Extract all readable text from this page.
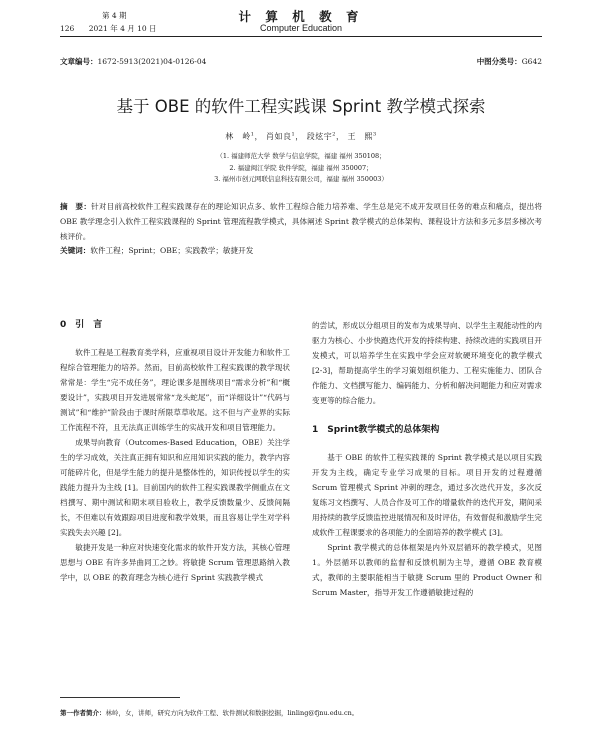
第 4 期
126 2021 年 4 月 10 日
计 算 机 教 育
Computer Education
文章编号：1672-5913(2021)04-0126-04	中图分类号：G642
基于 OBE 的软件工程实践课 Sprint 教学模式探索
林　岭$^1$， 肖如良$^1$， 段炫宇$^2$， 王　熙$^3$
（1. 福建师范大学 数学与信息学院，福建 福州 350108；
2. 福建闽江学院 软件学院，福建 福州 350007；
3. 福州市创元网联信息科技有限公司，福建 福州 350003）
摘　要：针对目前高校软件工程实践课存在的理论知识点多、软件工程综合能力培养难、学生总是完不成开发项目任务的难点和痛点，提出将 OBE 教学理念引入软件工程实践课程的 Sprint 管理流程教学模式，具体阐述 Sprint 教学模式的总体架构、课程设计方法和多元多层多梯次考核评价。
关键词：软件工程；Sprint；OBE；实践教学；敏捷开发

0　引　言

软件工程是工程教育类学科，应重视项目设计开发能力和软件工程综合管理能力的培养。然而，目前高校软件工程实践课的教学现状常常是：学生“完不成任务”，理论课多是围绕项目“需求分析”和“概要设计”，实践项目开发进展常常“龙头蛇尾”，而“详细设计”“代码与测试”和“维护”阶段由于课时所限草草收尾。这不但与产业界的实际工作流程不符，且无法真正训练学生的实战开发和项目管理能力。

成果导向教育（Outcomes-Based Education，OBE）关注学生的学习成效，关注真正拥有知识和应用知识实践的能力，教学内容可能碎片化，但是学生能力的提升是整体性的，知识传授以学生的实践能力提升为主线 [1]。目前国内的软件工程实践课教学侧重点在文档撰写、期中测试和期末项目验收上，教学反馈数量少、反馈间隔长，不但难以有效跟踪项目进度和教学效果，而且容易让学生对学科实践失去兴趣 [2]。

敏捷开发是一种应对快速变化需求的软件开发方法，其核心管理思想与 OBE 有许多异曲同工之妙。将敏捷 Scrum 管理思路纳入教学中，以 OBE 的教育理念为核心进行 Sprint 实践教学模式

的尝试，形成以分组项目的发布为成果导向、以学生主观能动性的内驱力为核心、小步快跑迭代开发的持续构建、持续改进的实践项目开发模式，可以培养学生在实践中学会应对软硬环境变化的教学模式 [2-3]，帮助提高学生的学习策划组织能力、工程实施能力、团队合作能力、文档撰写能力、编码能力、分析和解决问题能力和应对需求变更等的综合能力。

1　Sprint教学模式的总体架构

基于 OBE 的软件工程实践课的 Sprint 教学模式是以项目实践开发为主线，确定专业学习成果的目标。项目开发的过程遵循 Scrum 管理模式 Sprint 冲刺的理念，通过多次迭代开发，多次反复练习文档撰写、人员合作及可工作的增量软件的迭代开发，期间采用持续的教学反馈监控进展情况和及时评估，有效督促和激励学生完成软件工程课要求的各项能力的全面培养的教学模式 [3]。

Sprint 教学模式的总体框架是内外双层循环的教学模式，见图 1。外层循环以教师的监督和反馈机制为主导，遵循 OBE 教育模式，教师的主要职能相当于敏捷 Scrum 里的 Product Owner 和 Scrum Master，指导开发工作遵循敏捷过程的

第一作者简介：林岭，女，讲师，研究方向为软件工程、软件测试和数据挖掘，linling@fjnu.edu.cn。
